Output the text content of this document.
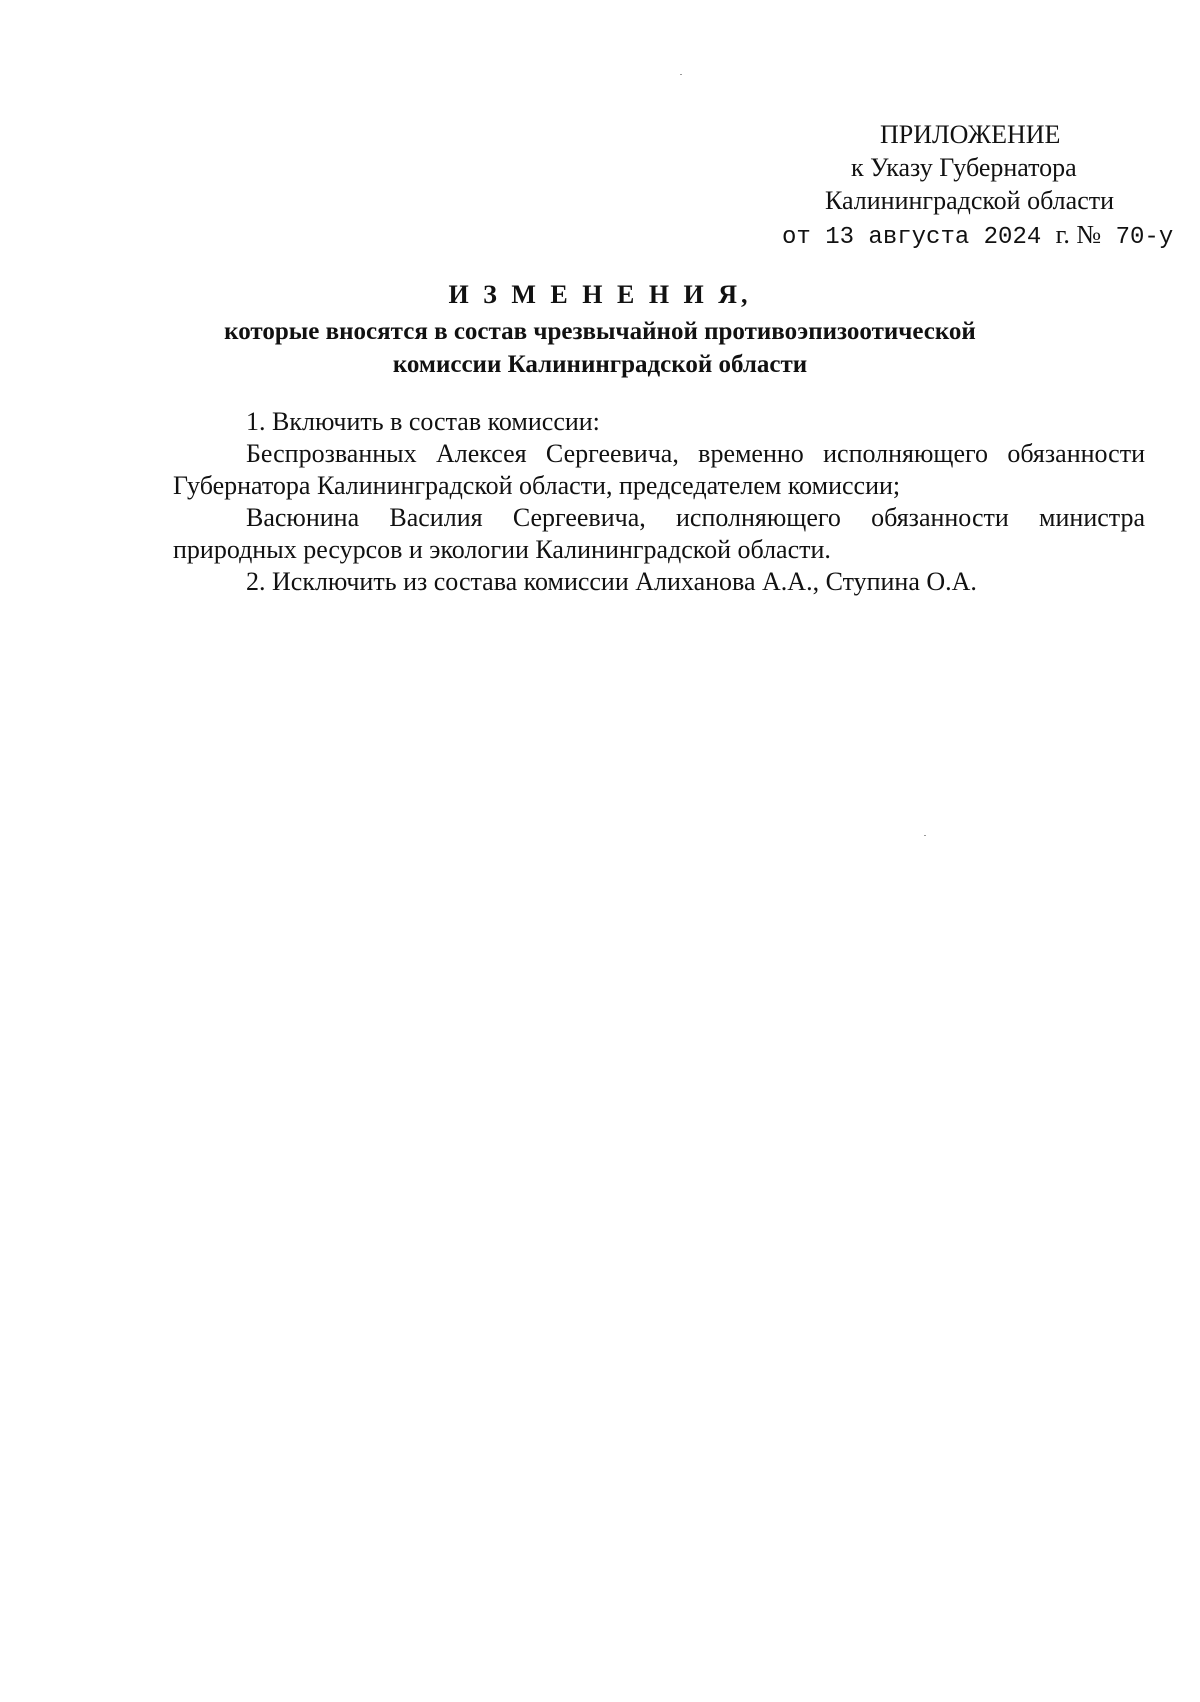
ПРИЛОЖЕНИЕ
к Указу Губернатора
Калининградской области
от 13 августа 2024 г. № 70-у
И З М Е Н Е Н И Я,
которые вносятся в состав чрезвычайной противоэпизоотической
комиссии Калининградской области

1. Включить в состав комиссии:

Беспрозванных Алексея Сергеевича, временно исполняющего обязанности Губернатора Калининградской области, председателем комиссии;

Васюнина Василия Сергеевича, исполняющего обязанности министра природных ресурсов и экологии Калининградской области.

2. Исключить из состава комиссии Алиханова А.А., Ступина О.А.
